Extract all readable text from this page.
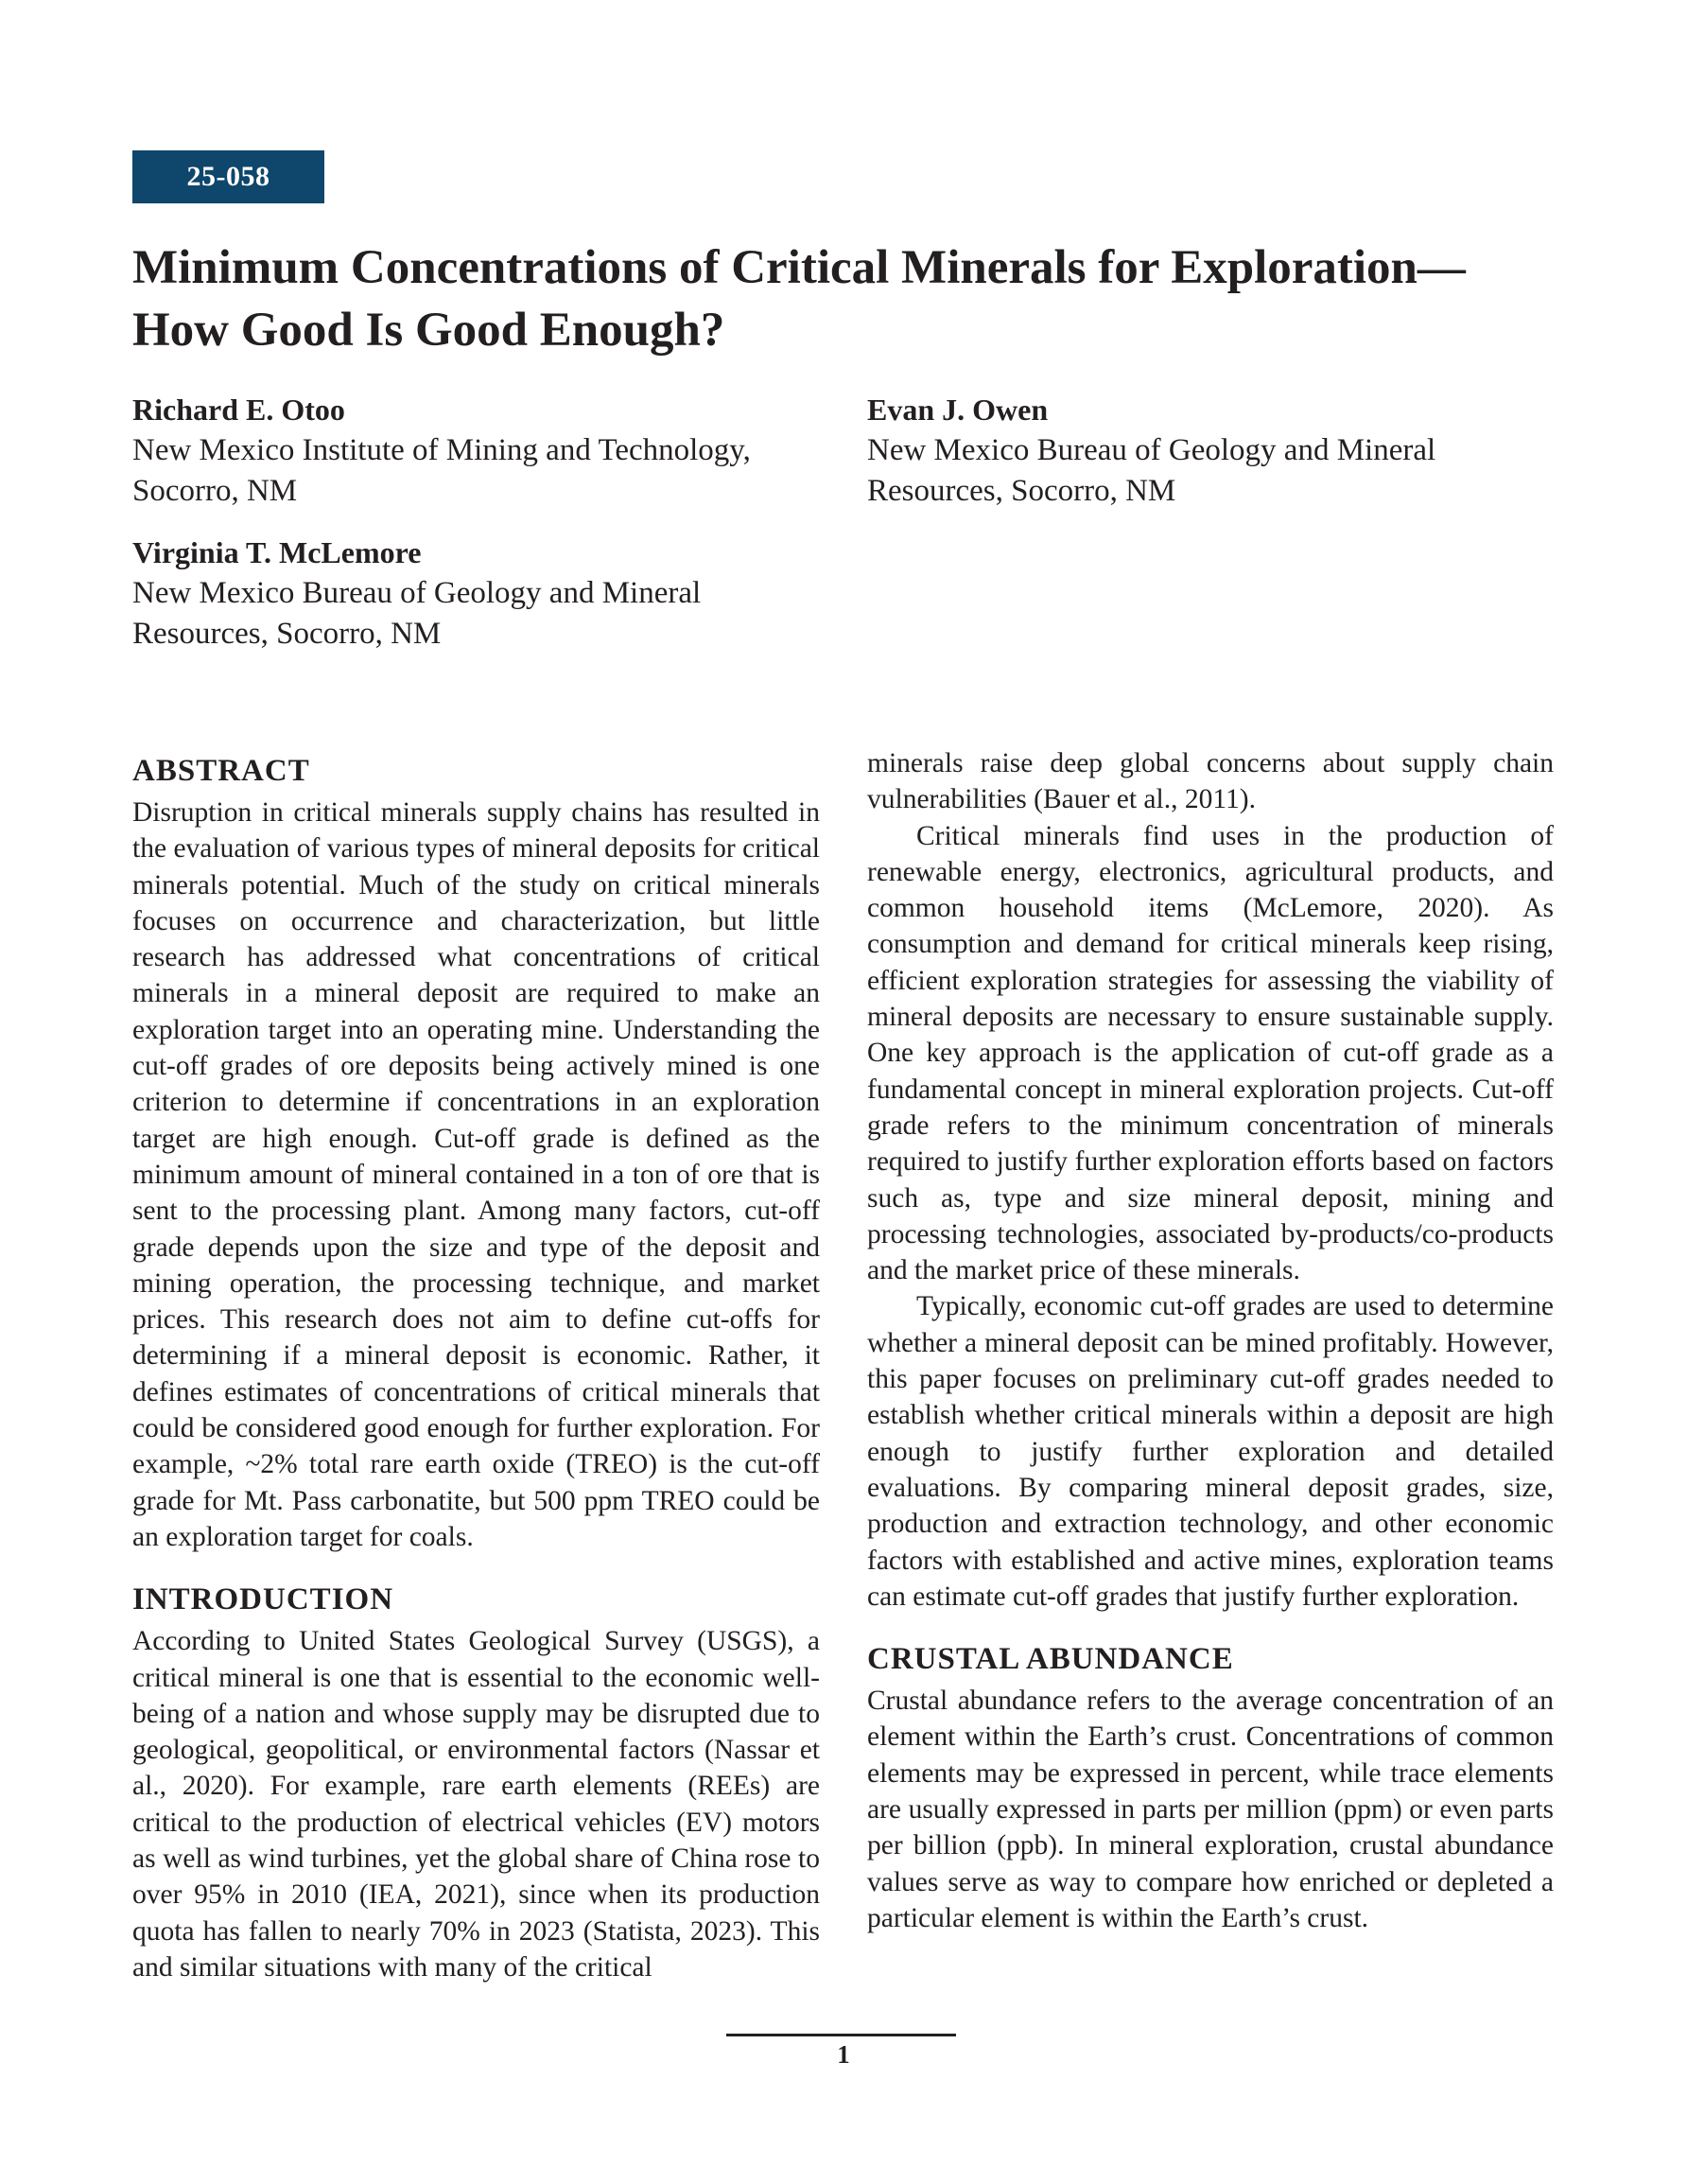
25-058
Minimum Concentrations of Critical Minerals for Exploration—
How Good Is Good Enough?
Richard E. Otoo
New Mexico Institute of Mining and Technology,
Socorro, NM
Evan J. Owen
New Mexico Bureau of Geology and Mineral
Resources, Socorro, NM
Virginia T. McLemore
New Mexico Bureau of Geology and Mineral
Resources, Socorro, NM
ABSTRACT

Disruption in critical minerals supply chains has resulted in the evaluation of various types of mineral deposits for critical minerals potential. Much of the study on critical minerals focuses on occurrence and characterization, but little research has addressed what concentrations of critical minerals in a mineral deposit are required to make an exploration target into an operating mine. Understanding the cut-off grades of ore deposits being actively mined is one criterion to determine if concentrations in an exploration target are high enough. Cut-off grade is defined as the minimum amount of mineral contained in a ton of ore that is sent to the processing plant. Among many factors, cut-off grade depends upon the size and type of the deposit and mining operation, the processing technique, and market prices. This research does not aim to define cut-offs for determining if a mineral deposit is economic. Rather, it defines estimates of concentrations of critical minerals that could be considered good enough for further exploration. For example, ~2% total rare earth oxide (TREO) is the cut-off grade for Mt. Pass carbonatite, but 500 ppm TREO could be an exploration target for coals.

INTRODUCTION

According to United States Geological Survey (USGS), a critical mineral is one that is essential to the economic well-being of a nation and whose supply may be disrupted due to geological, geopolitical, or environmental factors (Nassar et al., 2020). For example, rare earth elements (REEs) are critical to the production of electrical vehicles (EV) motors as well as wind turbines, yet the global share of China rose to over 95% in 2010 (IEA, 2021), since when its production quota has fallen to nearly 70% in 2023 (Statista, 2023). This and similar situations with many of the critical

minerals raise deep global concerns about supply chain vulnerabilities (Bauer et al., 2011).

Critical minerals find uses in the production of renewable energy, electronics, agricultural products, and common household items (McLemore, 2020). As consumption and demand for critical minerals keep rising, efficient exploration strategies for assessing the viability of mineral deposits are necessary to ensure sustainable supply. One key approach is the application of cut-off grade as a fundamental concept in mineral exploration projects. Cut-off grade refers to the minimum concentration of minerals required to justify further exploration efforts based on factors such as, type and size mineral deposit, mining and processing technologies, associated by-products/co-products and the market price of these minerals.

Typically, economic cut-off grades are used to determine whether a mineral deposit can be mined profitably. However, this paper focuses on preliminary cut-off grades needed to establish whether critical minerals within a deposit are high enough to justify further exploration and detailed evaluations. By comparing mineral deposit grades, size, production and extraction technology, and other economic factors with established and active mines, exploration teams can estimate cut-off grades that justify further exploration.

CRUSTAL ABUNDANCE

Crustal abundance refers to the average concentration of an element within the Earth’s crust. Concentrations of common elements may be expressed in percent, while trace elements are usually expressed in parts per million (ppm) or even parts per billion (ppb). In mineral exploration, crustal abundance values serve as way to compare how enriched or depleted a particular element is within the Earth’s crust.

1
